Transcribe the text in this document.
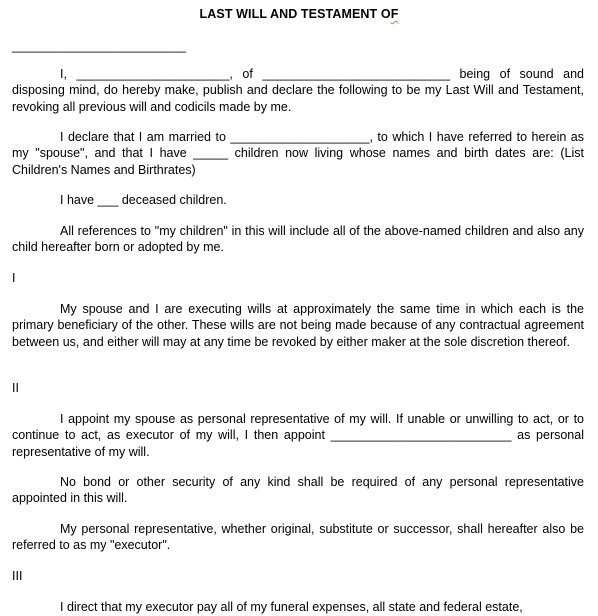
LAST WILL AND TESTAMENT OF
_________________________
I, ______________________, of ___________________________ being of sound and disposing mind, do hereby make, publish and declare the following to be my Last Will and Testament, revoking all previous will and codicils made by me.
I declare that I am married to ____________________, to which I have referred to herein as my "spouse", and that I have _____ children now living whose names and birth dates are: (List Children's Names and Birthrates)
I have ___ deceased children.
All references to "my children" in this will include all of the above-named children and also any child hereafter born or adopted by me.
I
My spouse and I are executing wills at approximately the same time in which each is the primary beneficiary of the other. These wills are not being made because of any contractual agreement between us, and either will may at any time be revoked by either maker at the sole discretion thereof.
II
I appoint my spouse as personal representative of my will. If unable or unwilling to act, or to continue to act, as executor of my will, I then appoint __________________________ as personal representative of my will.
No bond or other security of any kind shall be required of any personal representative appointed in this will.
My personal representative, whether original, substitute or successor, shall hereafter also be referred to as my "executor".
III
I direct that my executor pay all of my funeral expenses, all state and federal estate,
